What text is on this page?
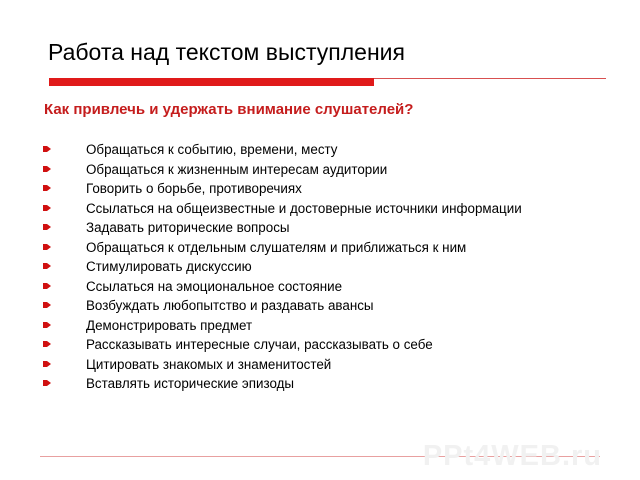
Работа над текстом выступления
Как привлечь и удержать внимание слушателей?
Обращаться к событию, времени, месту
Обращаться к жизненным интересам аудитории
Говорить о борьбе, противоречиях
Ссылаться на общеизвестные и достоверные источники информации
Задавать риторические вопросы
Обращаться к отдельным слушателям и приближаться к ним
Стимулировать дискуссию
Ссылаться на эмоциональное состояние
Возбуждать любопытство и раздавать авансы
Демонстрировать предмет
Рассказывать интересные случаи, рассказывать о себе
Цитировать знакомых и знаменитостей
Вставлять исторические эпизоды
PPt4WEB.ru
